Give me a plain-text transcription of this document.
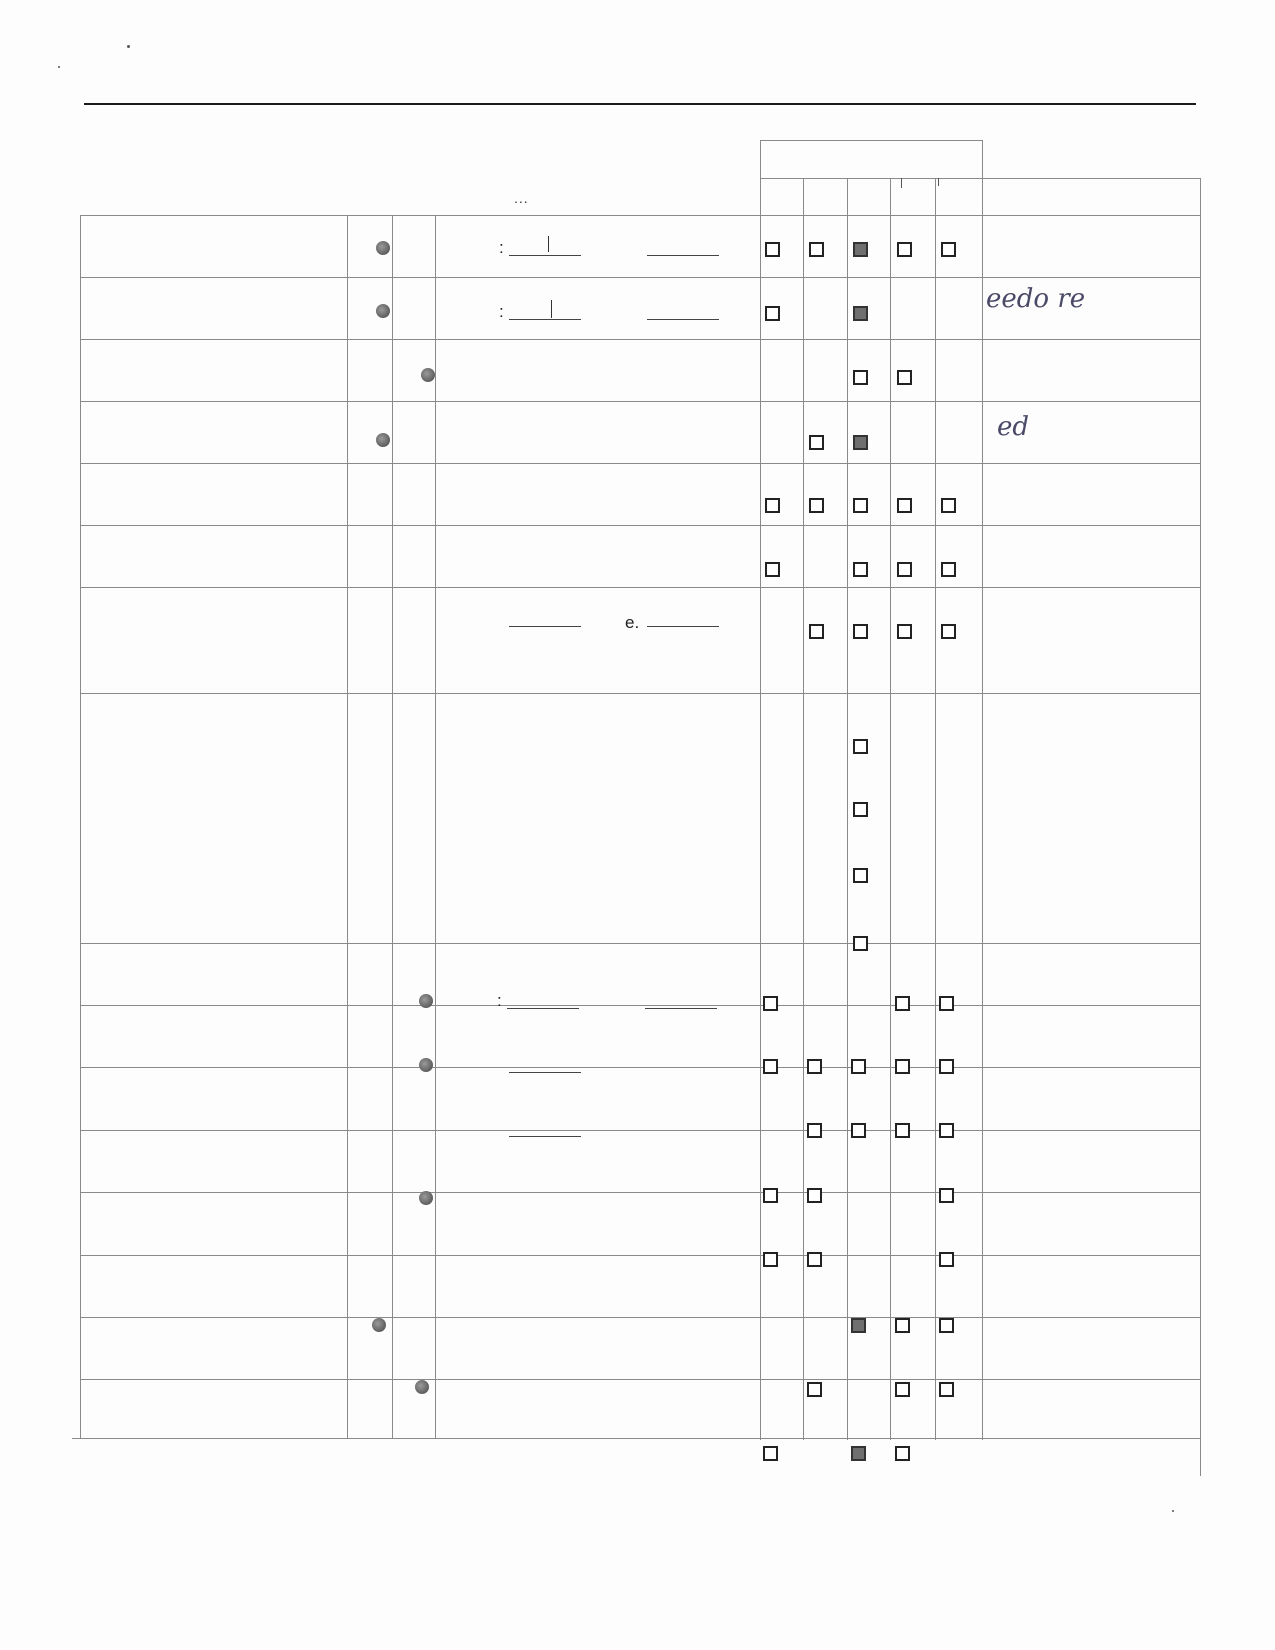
...
:
:	eedo re
ed
e.
:
